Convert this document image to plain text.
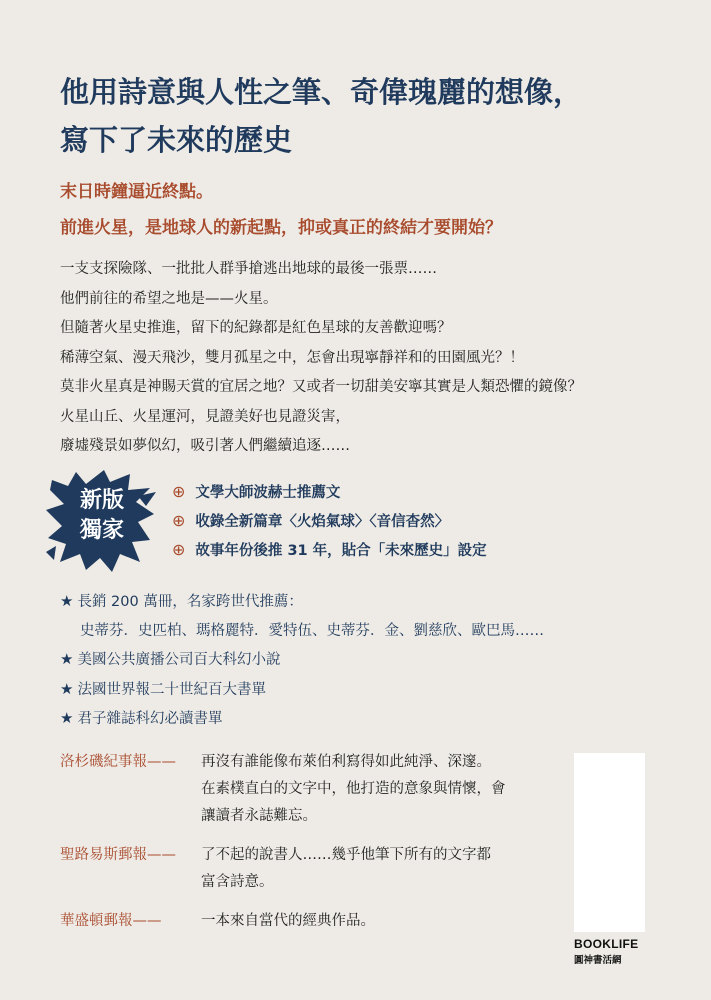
他用詩意與人性之筆、奇偉瑰麗的想像，
寫下了未來的歷史
末日時鐘逼近終點。
前進火星，是地球人的新起點，抑或真正的終結才要開始？
一支支探險隊、一批批人群爭搶逃出地球的最後一張票……
他們前往的希望之地是——火星。
但隨著火星史推進，留下的紀錄都是紅色星球的友善歡迎嗎？
稀薄空氣、漫天飛沙，雙月孤星之中，怎會出現寧靜祥和的田園風光？！
莫非火星真是神賜天賞的宜居之地？又或者一切甜美安寧其實是人類恐懼的鏡像？
火星山丘、火星運河，見證美好也見證災害，
廢墟殘景如夢似幻，吸引著人們繼續追逐……
新版
獨家
⊕ 文學大師波赫士推薦文
⊕ 收錄全新篇章〈火焰氣球〉〈音信杳然〉
⊕ 故事年份後推 31 年，貼合「未來歷史」設定
★ 長銷 200 萬冊，名家跨世代推薦：
史蒂芬．史匹柏、瑪格麗特．愛特伍、史蒂芬．金、劉慈欣、歐巴馬……
★ 美國公共廣播公司百大科幻小說
★ 法國世界報二十世紀百大書單
★ 君子雜誌科幻必讀書單
洛杉磯紀事報——	再沒有誰能像布萊伯利寫得如此純淨、深邃。
在素樸直白的文字中，他打造的意象與情懷，會
讓讀者永誌難忘。
聖路易斯郵報——	了不起的說書人……幾乎他筆下所有的文字都
富含詩意。
華盛頓郵報——	一本來自當代的經典作品。
BOOKLIFE
圓神書活網
